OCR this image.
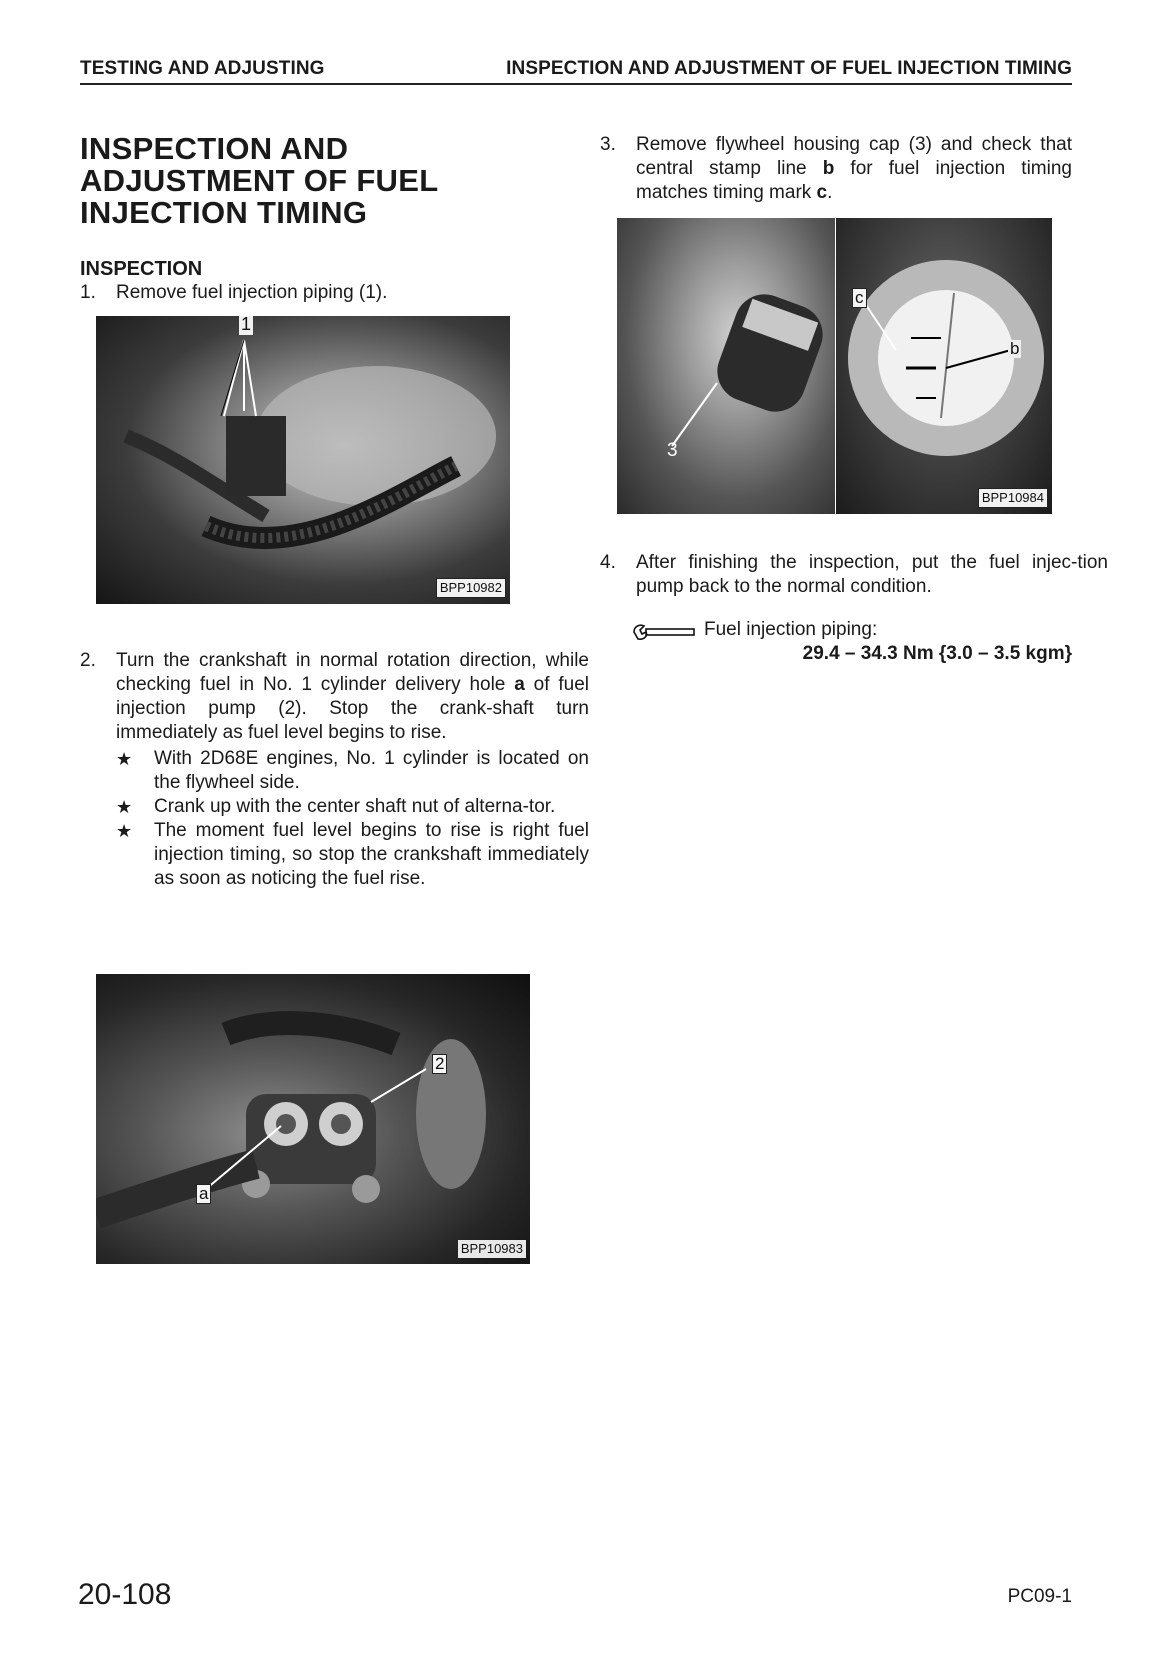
TESTING AND ADJUSTING	INSPECTION AND ADJUSTMENT OF FUEL INJECTION TIMING
INSPECTION AND
ADJUSTMENT OF FUEL
INJECTION TIMING
INSPECTION
1. Remove fuel injection piping (1).
1
BPP10982
2. Turn the crankshaft in normal rotation direction, while checking fuel in No. 1 cylinder delivery hole a of fuel injection pump (2). Stop the crank-shaft turn immediately as fuel level begins to rise.
★ With 2D68E engines, No. 1 cylinder is located on the flywheel side.
★ Crank up with the center shaft nut of alterna-tor.
★ The moment fuel level begins to rise is right fuel injection timing, so stop the crankshaft immediately as soon as noticing the fuel rise.
2
a
BPP10983
3. Remove flywheel housing cap (3) and check that central stamp line b for fuel injection timing matches timing mark c.
3
c
b
BPP10984
4. After finishing the inspection, put the fuel injec-tion pump back to the normal condition.
Fuel injection piping:
29.4 – 34.3 Nm {3.0 – 3.5 kgm}
20-108	PC09-1
